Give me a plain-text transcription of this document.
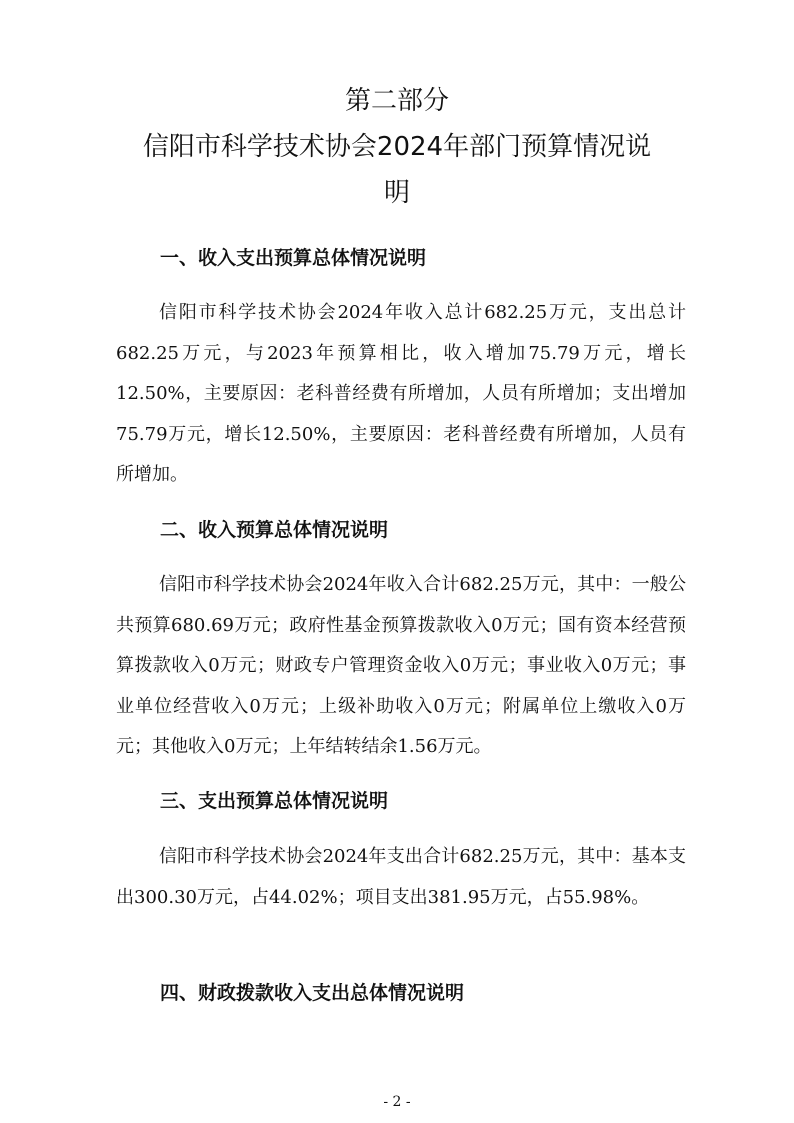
第二部分
信阳市科学技术协会2024年部门预算情况说
明
一、收入支出预算总体情况说明

信阳市科学技术协会2024年收入总计682.25万元，支出总计682.25万元，与2023年预算相比，收入增加75.79万元，增长12.50%，主要原因：老科普经费有所增加，人员有所增加；支出增加75.79万元，增长12.50%，主要原因：老科普经费有所增加，人员有所增加。

二、收入预算总体情况说明

信阳市科学技术协会2024年收入合计682.25万元，其中：一般公共预算680.69万元；政府性基金预算拨款收入0万元；国有资本经营预算拨款收入0万元；财政专户管理资金收入0万元；事业收入0万元；事业单位经营收入0万元；上级补助收入0万元；附属单位上缴收入0万元；其他收入0万元；上年结转结余1.56万元。

三、支出预算总体情况说明

信阳市科学技术协会2024年支出合计682.25万元，其中：基本支出300.30万元，占44.02%；项目支出381.95万元，占55.98%。

四、财政拨款收入支出总体情况说明
- 2 -
